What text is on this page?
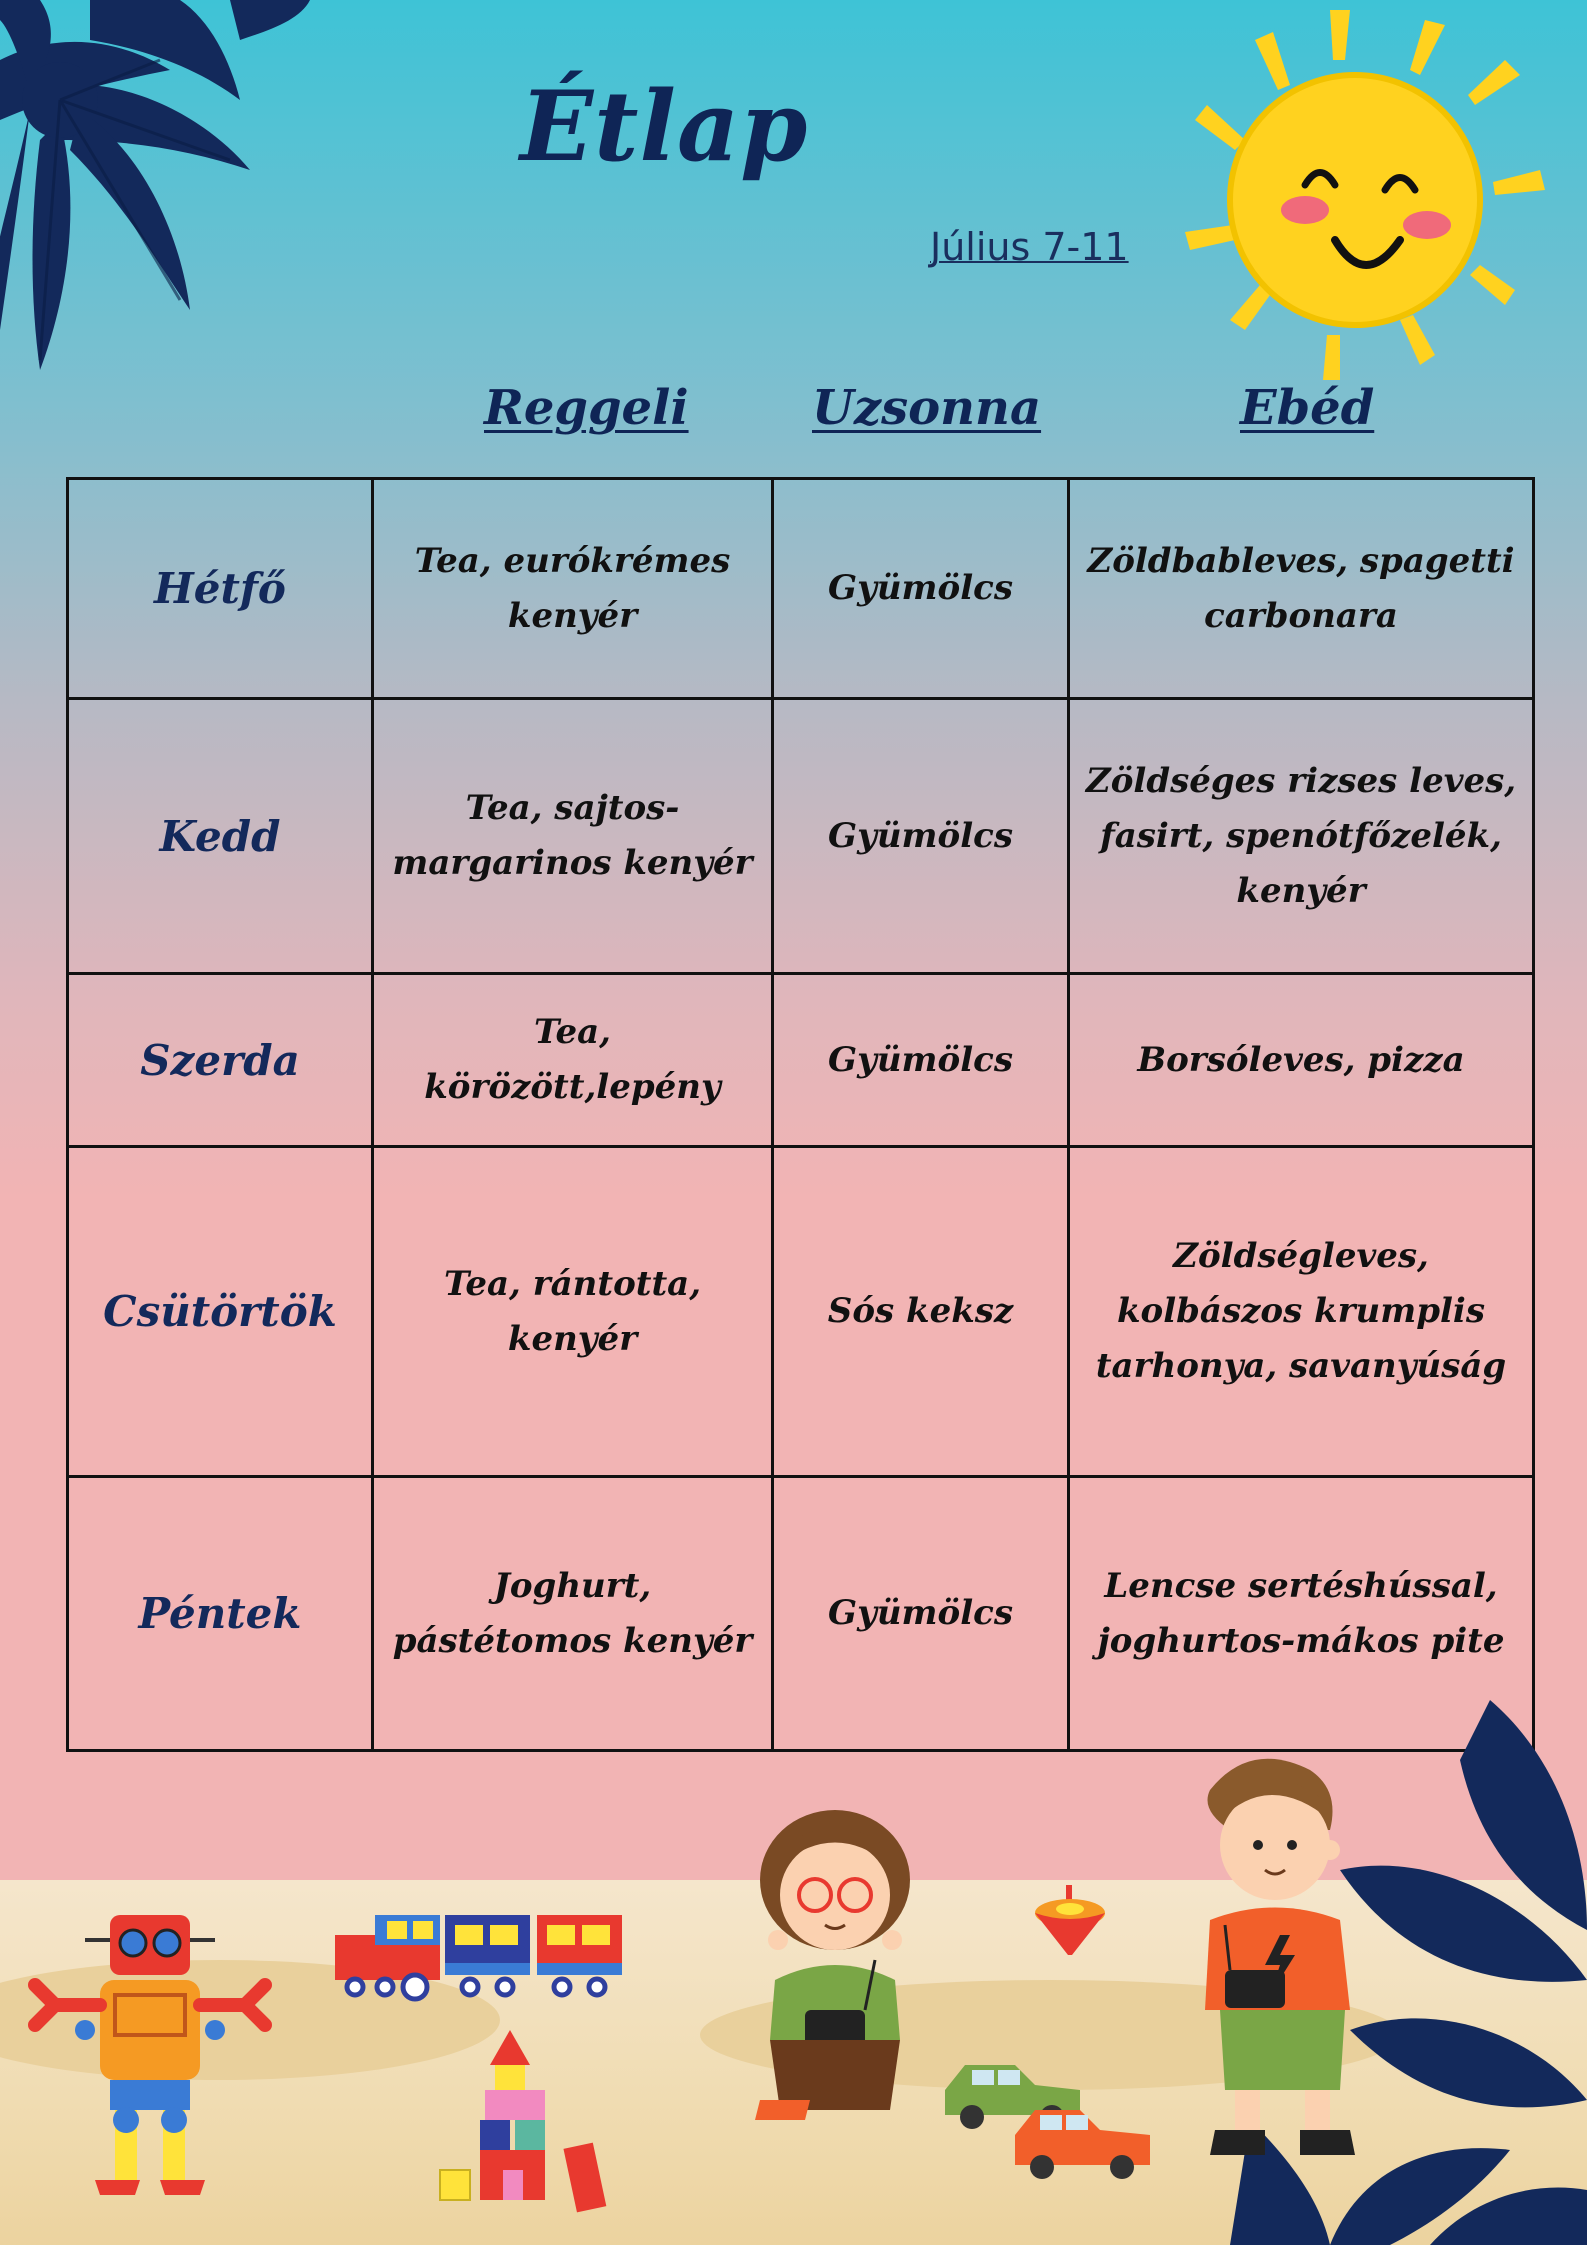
Étlap
Július 7-11
Reggeli	Uzsonna	Ebéd
Hétfő	Tea, eurókrémes kenyér	Gyümölcs	Zöldbableves, spagetti carbonara
Kedd	Tea, sajtos-margarinos kenyér	Gyümölcs	Zöldséges rizses leves, fasirt, spenótfőzelék, kenyér
Szerda	Tea, körözött,lepény	Gyümölcs	Borsóleves, pizza
Csütörtök	Tea, rántotta, kenyér	Sós keksz	Zöldségleves, kolbászos krumplis tarhonya, savanyúság
Péntek	Joghurt, pástétomos kenyér	Gyümölcs	Lencse sertéshússal, joghurtos-mákos pite
